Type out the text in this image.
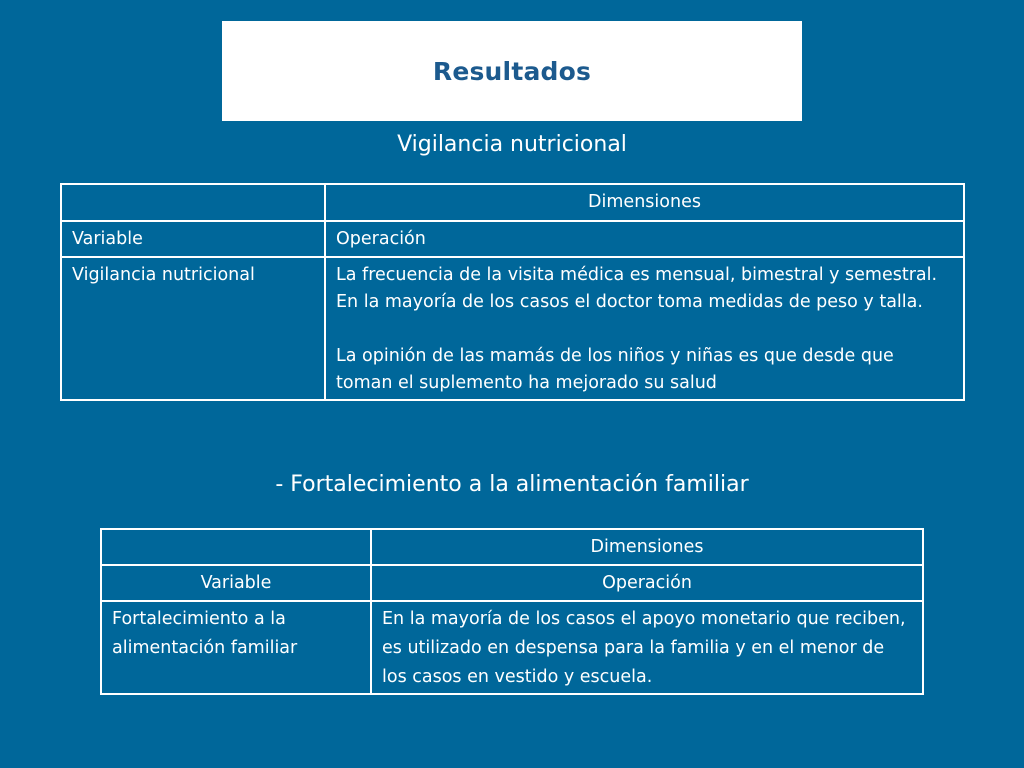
Resultados
Vigilancia nutricional
	Dimensiones
Variable	Operación
Vigilancia nutricional	La frecuencia de la visita médica es mensual, bimestral y semestral. En la mayoría de los casos el doctor toma medidas de peso y talla.
La opinión de las mamás de los niños y niñas es que desde que toman el suplemento ha mejorado su salud
- Fortalecimiento a la alimentación familiar
	Dimensiones
Variable	Operación
Fortalecimiento a la alimentación familiar	En la mayoría de los casos el apoyo monetario que reciben, es utilizado en despensa para la familia y en el menor de los casos en vestido y escuela.
